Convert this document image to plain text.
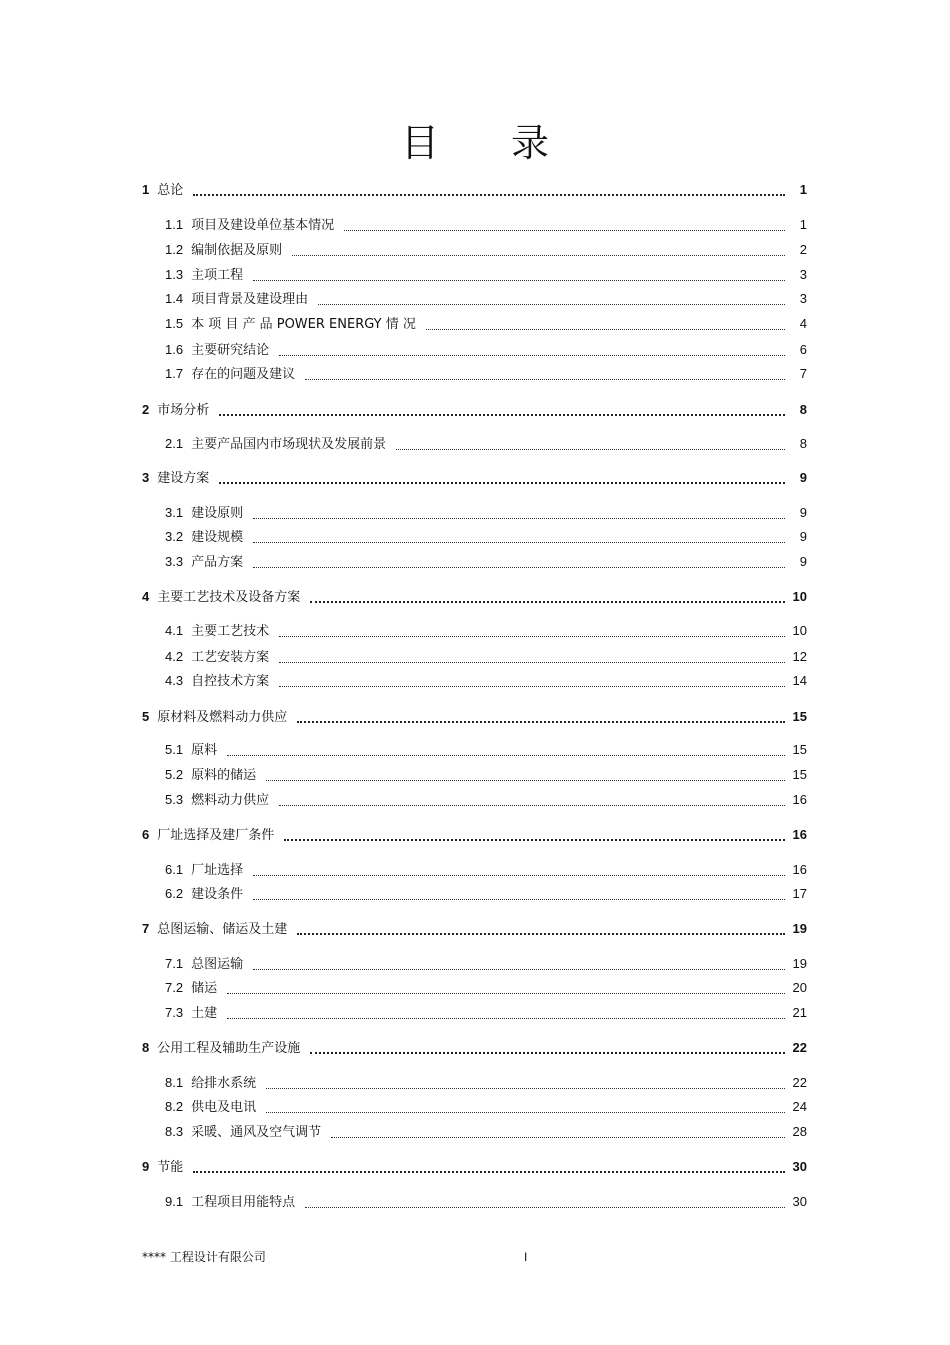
目 录
1 总论	1
1.1 项目及建设单位基本情况	1
1.2 编制依据及原则	2
1.3 主项工程	3
1.4 项目背景及建设理由	3
1.5 本 项 目 产 品 POWER ENERGY 情 况	4
1.6 主要研究结论	6
1.7 存在的问题及建议	7
2 市场分析	8
2.1 主要产品国内市场现状及发展前景	8
3 建设方案	9
3.1 建设原则	9
3.2 建设规模	9
3.3 产品方案	9
4 主要工艺技术及设备方案	10
4.1 主要工艺技术	10
4.2 工艺安装方案	12
4.3 自控技术方案	14
5 原材料及燃料动力供应	15
5.1 原料	15
5.2 原料的储运	15
5.3 燃料动力供应	16
6 厂址选择及建厂条件	16
6.1 厂址选择	16
6.2 建设条件	17
7 总图运输、储运及土建	19
7.1 总图运输	19
7.2 储运	20
7.3 土建	21
8 公用工程及辅助生产设施	22
8.1 给排水系统	22
8.2 供电及电讯	24
8.3 采暖、通风及空气调节	28
9 节能	30
9.1 工程项目用能特点	30
**** 工程设计有限公司	I
